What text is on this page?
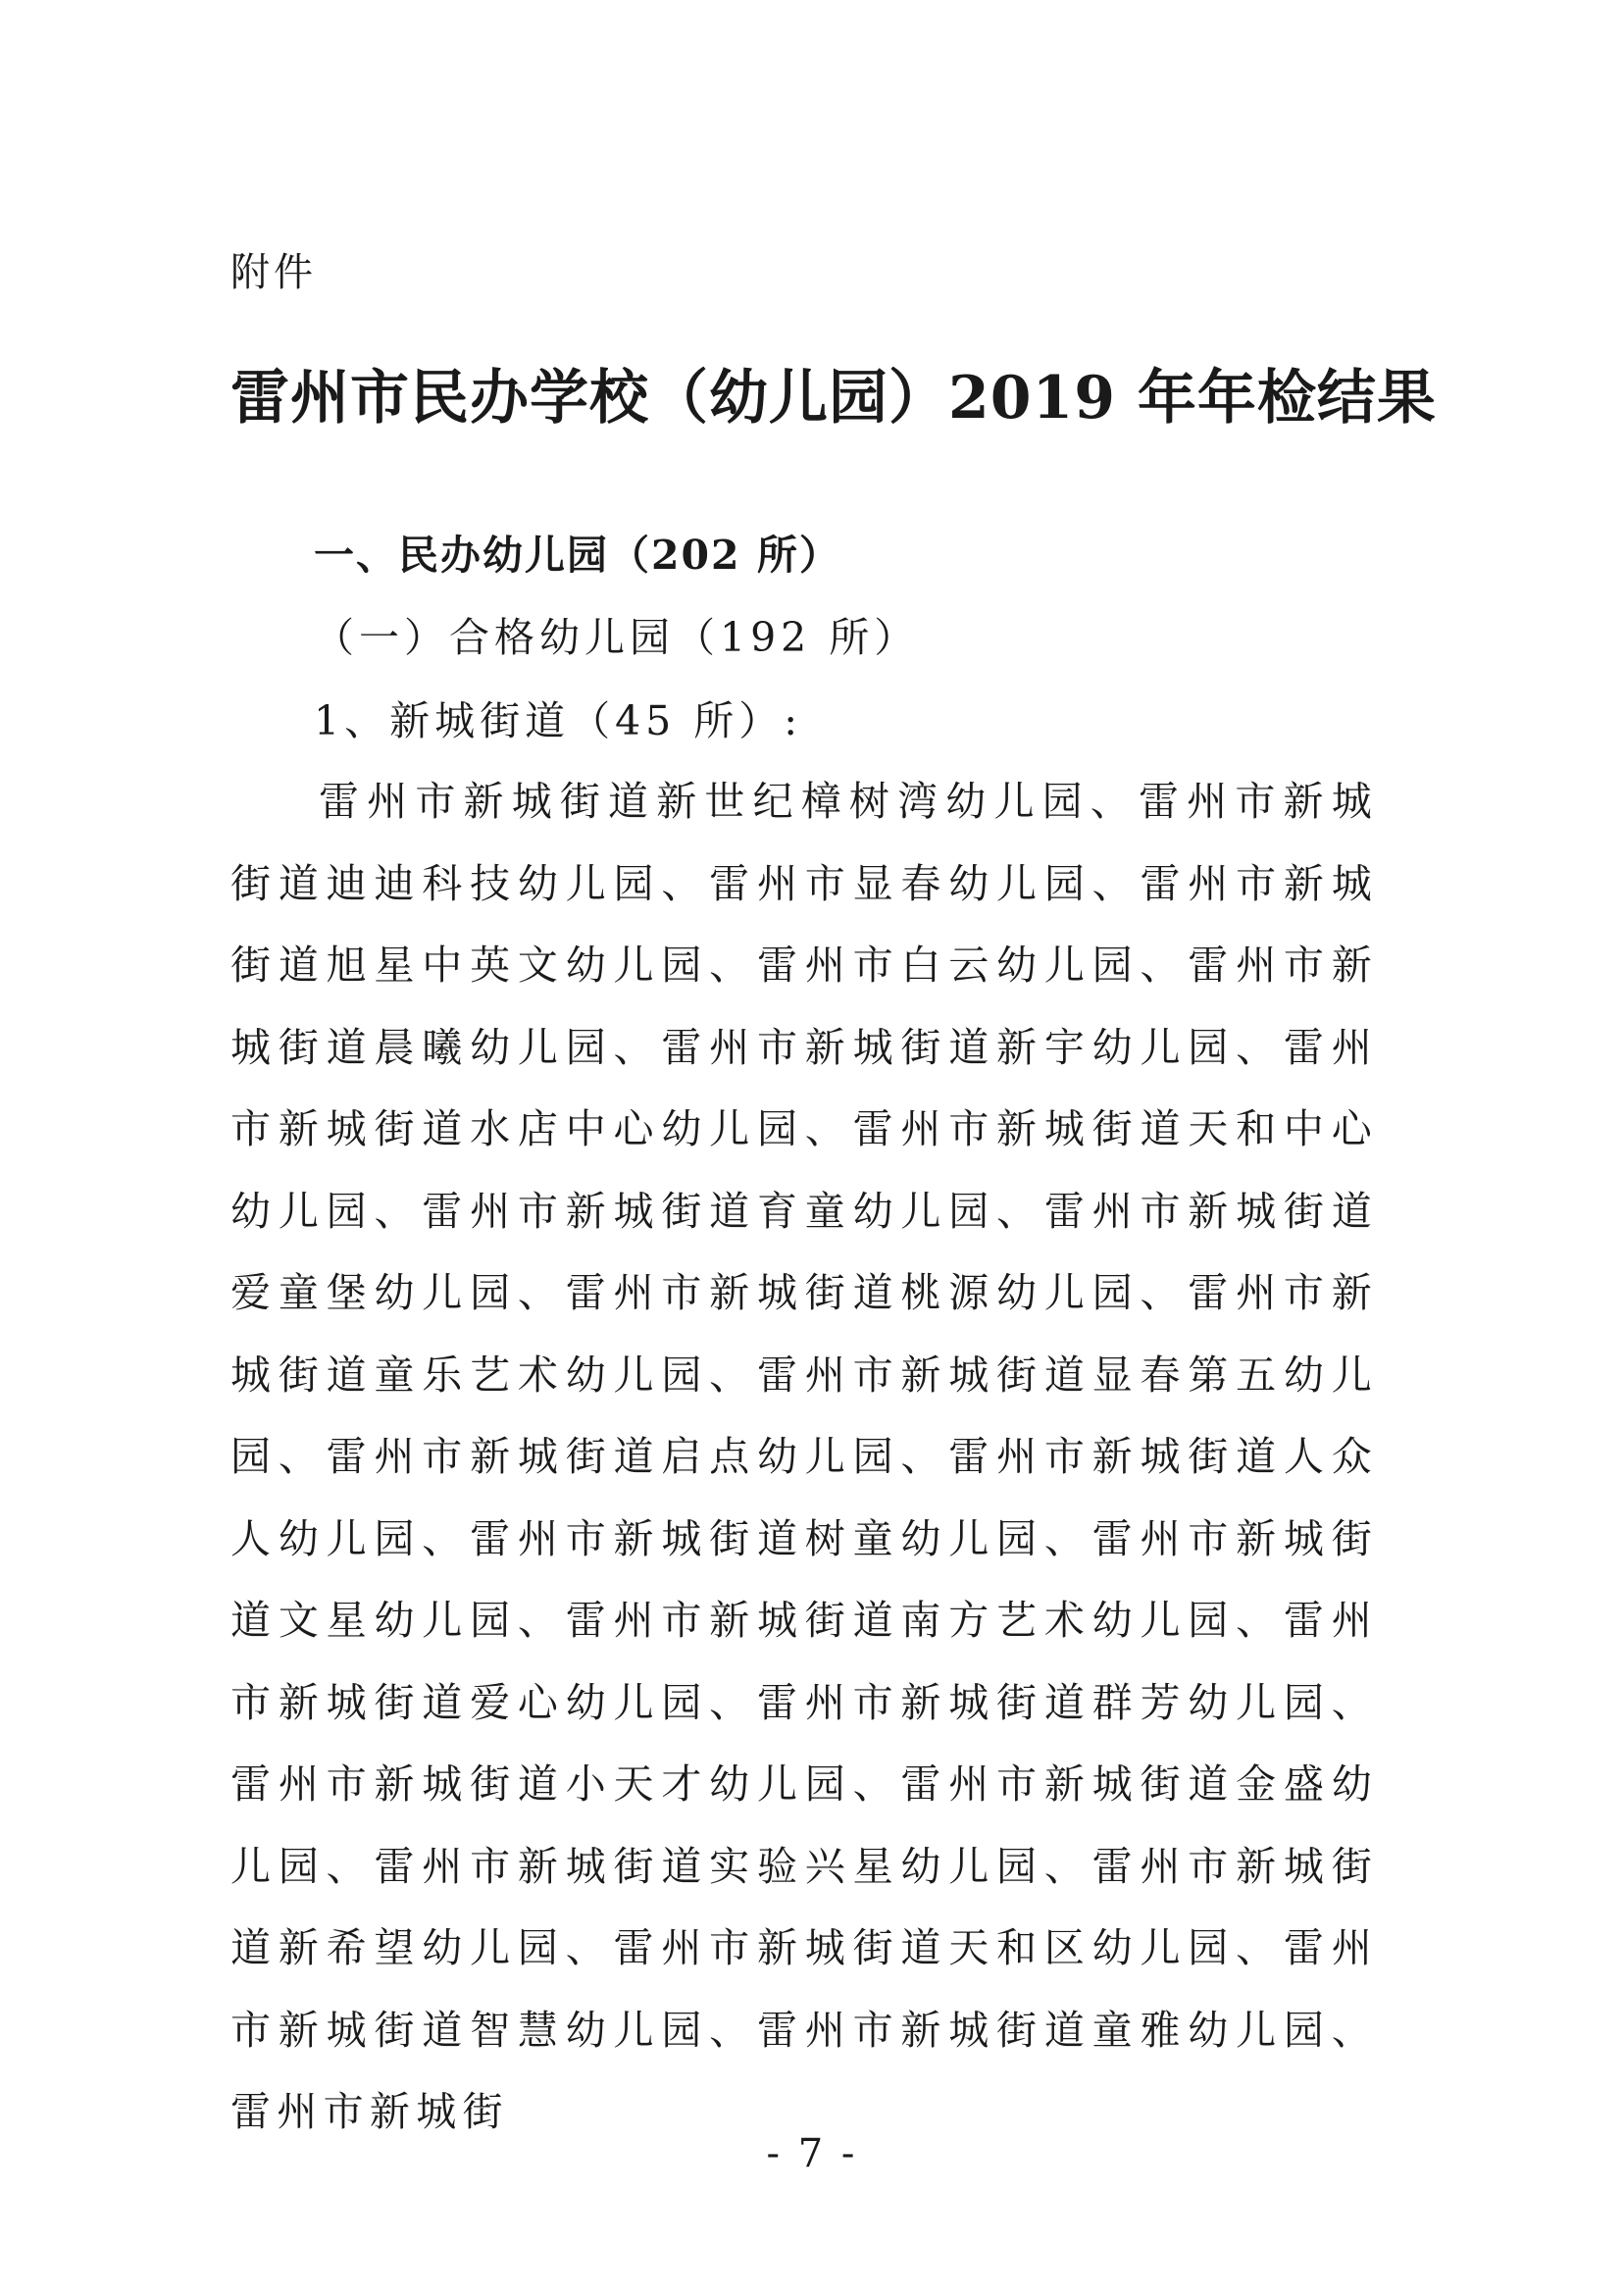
附件
雷州市民办学校（幼儿园）2019 年年检结果
一、民办幼儿园（202 所）
（一）合格幼儿园（192 所）
1、新城街道（45 所）:

雷州市新城街道新世纪樟树湾幼儿园、雷州市新城街道迪迪科技幼儿园、雷州市显春幼儿园、雷州市新城街道旭星中英文幼儿园、雷州市白云幼儿园、雷州市新城街道晨曦幼儿园、雷州市新城街道新宇幼儿园、雷州市新城街道水店中心幼儿园、雷州市新城街道天和中心幼儿园、雷州市新城街道育童幼儿园、雷州市新城街道爱童堡幼儿园、雷州市新城街道桃源幼儿园、雷州市新城街道童乐艺术幼儿园、雷州市新城街道显春第五幼儿园、雷州市新城街道启点幼儿园、雷州市新城街道人众人幼儿园、雷州市新城街道树童幼儿园、雷州市新城街道文星幼儿园、雷州市新城街道南方艺术幼儿园、雷州市新城街道爱心幼儿园、雷州市新城街道群芳幼儿园、雷州市新城街道小天才幼儿园、雷州市新城街道金盛幼儿园、雷州市新城街道实验兴星幼儿园、雷州市新城街道新希望幼儿园、雷州市新城街道天和区幼儿园、雷州市新城街道智慧幼儿园、雷州市新城街道童雅幼儿园、雷州市新城街

- 7 -
